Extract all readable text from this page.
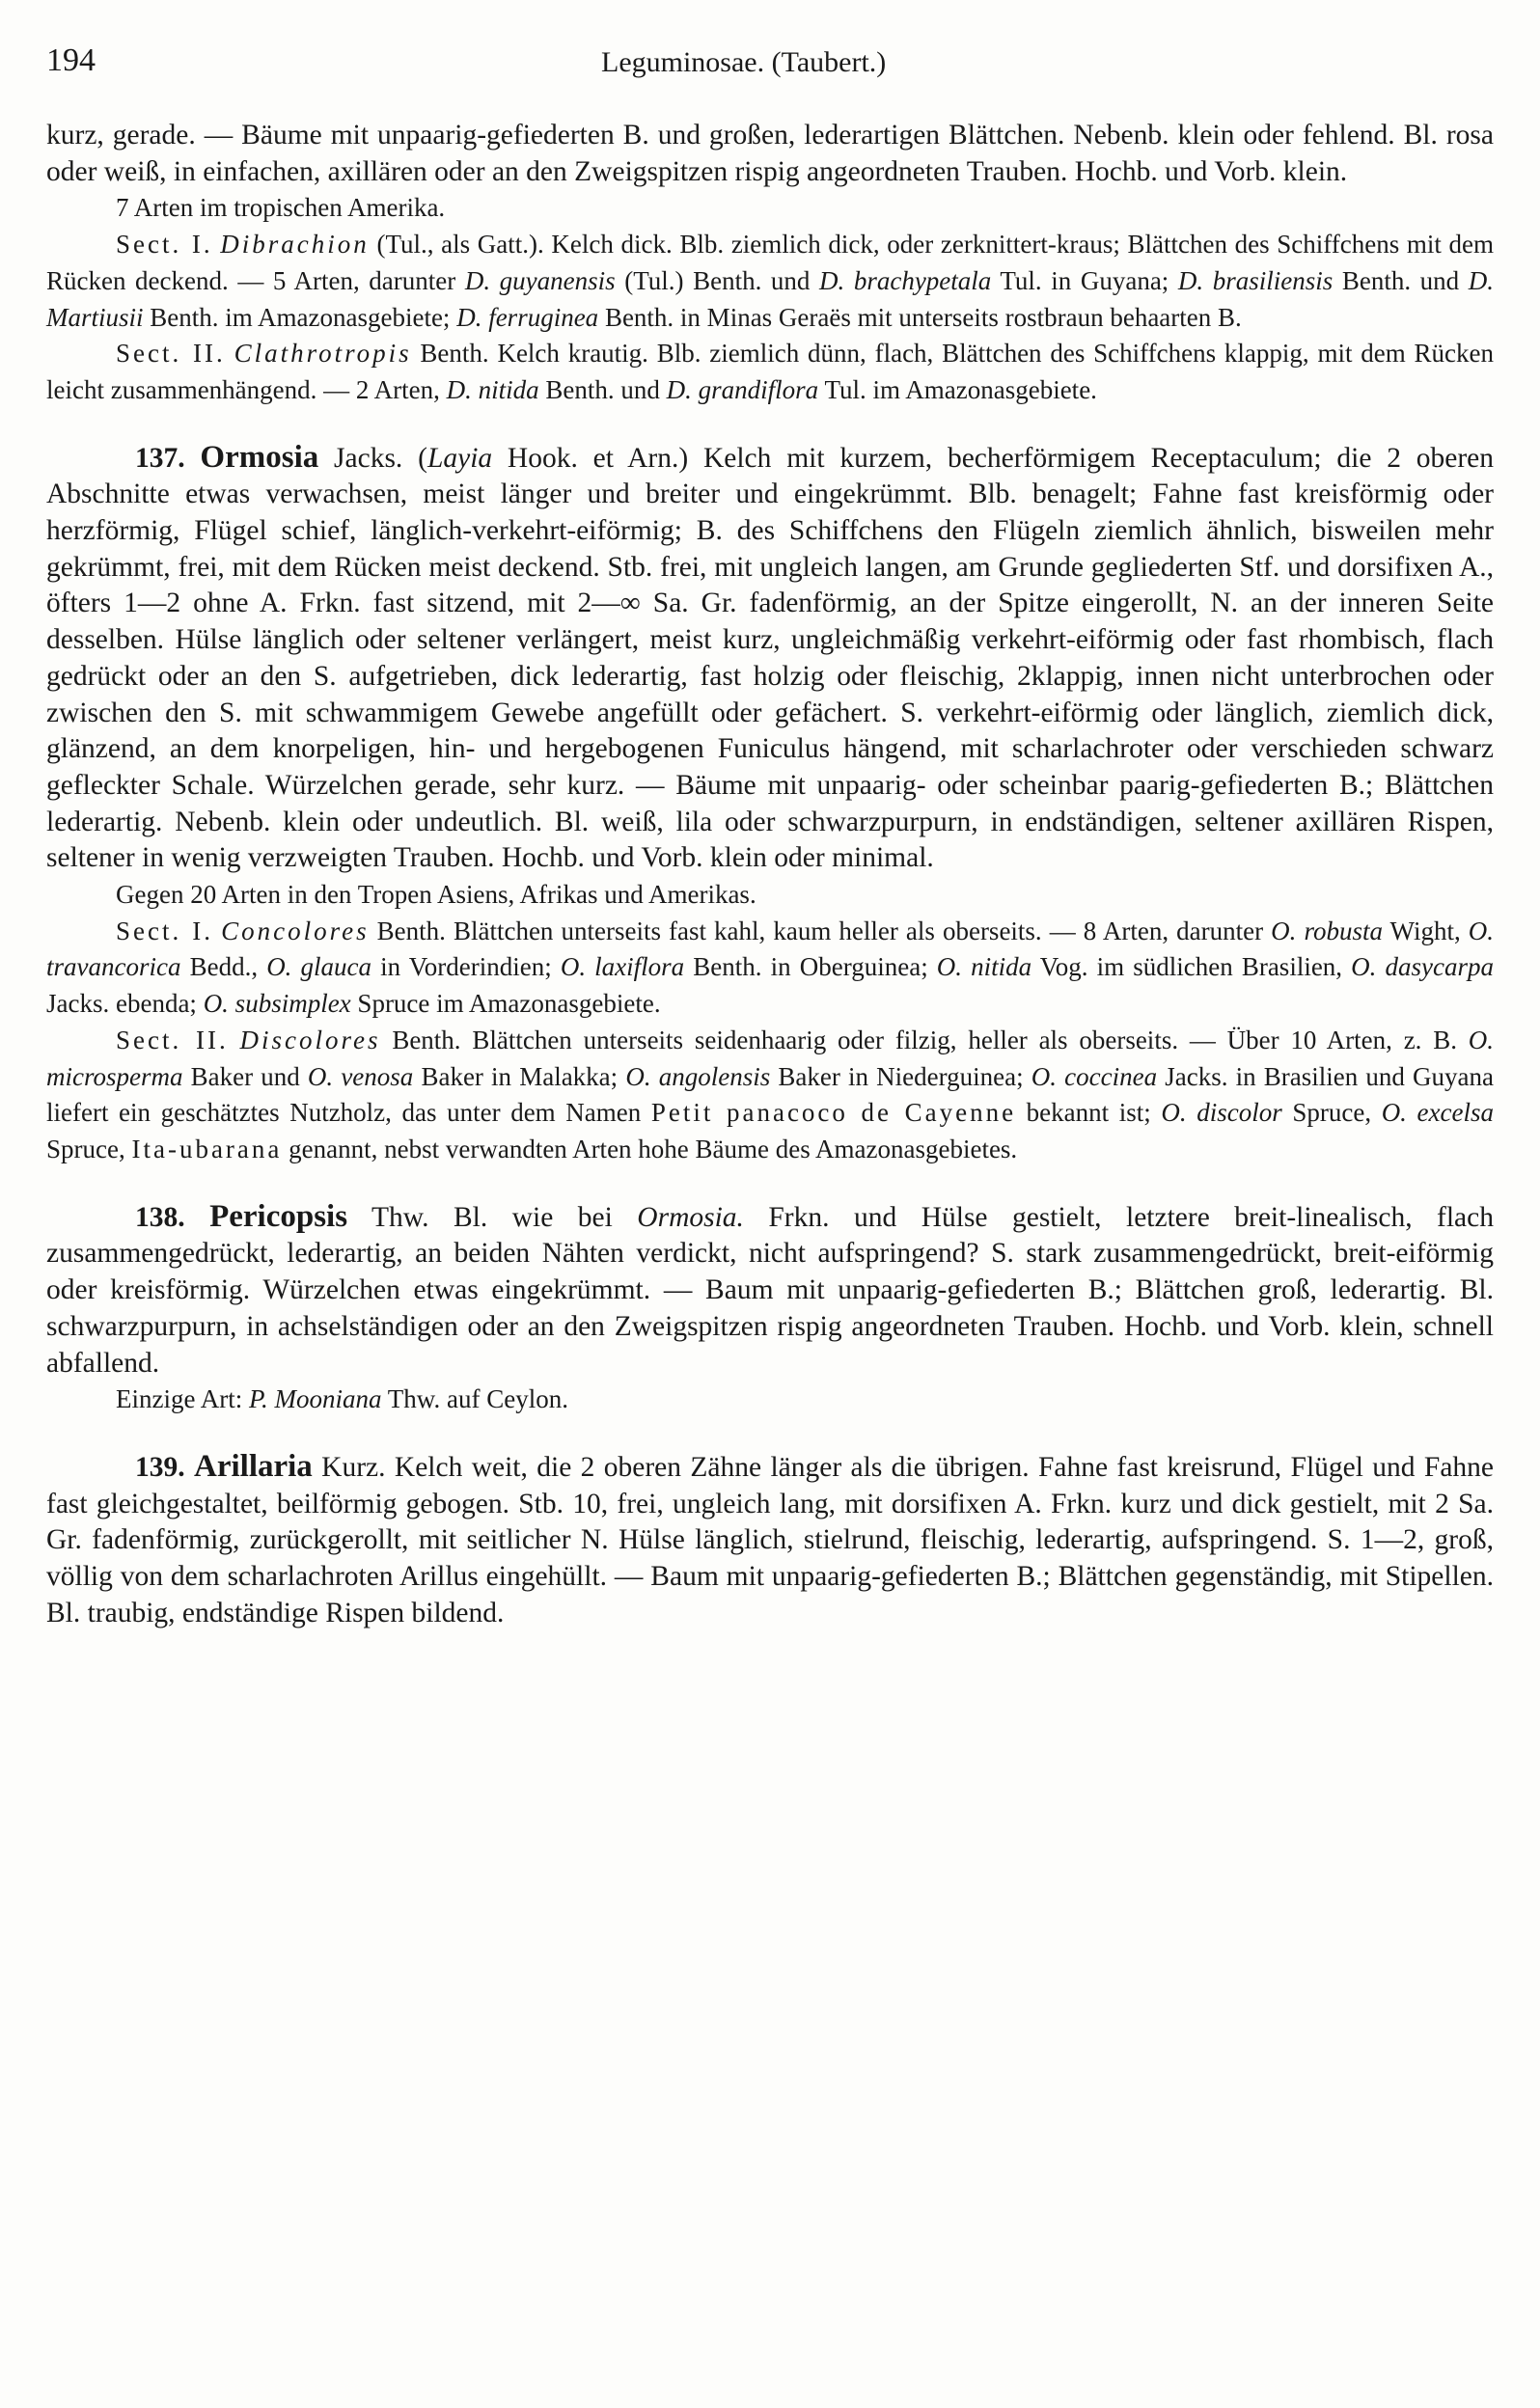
194	Leguminosae. (Taubert.)

kurz, gerade. — Bäume mit unpaarig-gefiederten B. und großen, lederartigen Blättchen. Nebenb. klein oder fehlend. Bl. rosa oder weiß, in einfachen, axillären oder an den Zweigspitzen rispig angeordneten Trauben. Hochb. und Vorb. klein.

7 Arten im tropischen Amerika.

Sect. I. Dibrachion (Tul., als Gatt.). Kelch dick. Blb. ziemlich dick, oder zerknittert-kraus; Blättchen des Schiffchens mit dem Rücken deckend. — 5 Arten, darunter D. guyanensis (Tul.) Benth. und D. brachypetala Tul. in Guyana; D. brasiliensis Benth. und D. Martiusii Benth. im Amazonasgebiete; D. ferruginea Benth. in Minas Geraës mit unterseits rostbraun behaarten B.

Sect. II. Clathrotropis Benth. Kelch krautig. Blb. ziemlich dünn, flach, Blättchen des Schiffchens klappig, mit dem Rücken leicht zusammenhängend. — 2 Arten, D. nitida Benth. und D. grandiflora Tul. im Amazonasgebiete.

137. Ormosia Jacks. (Layia Hook. et Arn.) Kelch mit kurzem, becherförmigem Receptaculum; die 2 oberen Abschnitte etwas verwachsen, meist länger und breiter und eingekrümmt. Blb. benagelt; Fahne fast kreisförmig oder herzförmig, Flügel schief, länglich-verkehrt-eiförmig; B. des Schiffchens den Flügeln ziemlich ähnlich, bisweilen mehr gekrümmt, frei, mit dem Rücken meist deckend. Stb. frei, mit ungleich langen, am Grunde gegliederten Stf. und dorsifixen A., öfters 1—2 ohne A. Frkn. fast sitzend, mit 2—∞ Sa. Gr. fadenförmig, an der Spitze eingerollt, N. an der inneren Seite desselben. Hülse länglich oder seltener verlängert, meist kurz, ungleichmäßig verkehrt-eiförmig oder fast rhombisch, flach gedrückt oder an den S. aufgetrieben, dick lederartig, fast holzig oder fleischig, 2klappig, innen nicht unterbrochen oder zwischen den S. mit schwammigem Gewebe angefüllt oder gefächert. S. verkehrt-eiförmig oder länglich, ziemlich dick, glänzend, an dem knorpeligen, hin- und hergebogenen Funiculus hängend, mit scharlachroter oder verschieden schwarz gefleckter Schale. Würzelchen gerade, sehr kurz. — Bäume mit unpaarig- oder scheinbar paarig-gefiederten B.; Blättchen lederartig. Nebenb. klein oder undeutlich. Bl. weiß, lila oder schwarzpurpurn, in endständigen, seltener axillären Rispen, seltener in wenig verzweigten Trauben. Hochb. und Vorb. klein oder minimal.

Gegen 20 Arten in den Tropen Asiens, Afrikas und Amerikas.

Sect. I. Concolores Benth. Blättchen unterseits fast kahl, kaum heller als oberseits. — 8 Arten, darunter O. robusta Wight, O. travancorica Bedd., O. glauca in Vorderindien; O. laxiflora Benth. in Oberguinea; O. nitida Vog. im südlichen Brasilien, O. dasycarpa Jacks. ebenda; O. subsimplex Spruce im Amazonasgebiete.

Sect. II. Discolores Benth. Blättchen unterseits seidenhaarig oder filzig, heller als oberseits. — Über 10 Arten, z. B. O. microsperma Baker und O. venosa Baker in Malakka; O. angolensis Baker in Niederguinea; O. coccinea Jacks. in Brasilien und Guyana liefert ein geschätztes Nutzholz, das unter dem Namen Petit panacoco de Cayenne bekannt ist; O. discolor Spruce, O. excelsa Spruce, Ita-ubarana genannt, nebst verwandten Arten hohe Bäume des Amazonasgebietes.

138. Pericopsis Thw. Bl. wie bei Ormosia. Frkn. und Hülse gestielt, letztere breit-linealisch, flach zusammengedrückt, lederartig, an beiden Nähten verdickt, nicht aufspringend? S. stark zusammengedrückt, breit-eiförmig oder kreisförmig. Würzelchen etwas eingekrümmt. — Baum mit unpaarig-gefiederten B.; Blättchen groß, lederartig. Bl. schwarzpurpurn, in achselständigen oder an den Zweigspitzen rispig angeordneten Trauben. Hochb. und Vorb. klein, schnell abfallend.

Einzige Art: P. Mooniana Thw. auf Ceylon.

139. Arillaria Kurz. Kelch weit, die 2 oberen Zähne länger als die übrigen. Fahne fast kreisrund, Flügel und Fahne fast gleichgestaltet, beilförmig gebogen. Stb. 10, frei, ungleich lang, mit dorsifixen A. Frkn. kurz und dick gestielt, mit 2 Sa. Gr. fadenförmig, zurückgerollt, mit seitlicher N. Hülse länglich, stielrund, fleischig, lederartig, aufspringend. S. 1—2, groß, völlig von dem scharlachroten Arillus eingehüllt. — Baum mit unpaarig-gefiederten B.; Blättchen gegenständig, mit Stipellen. Bl. traubig, endständige Rispen bildend.
